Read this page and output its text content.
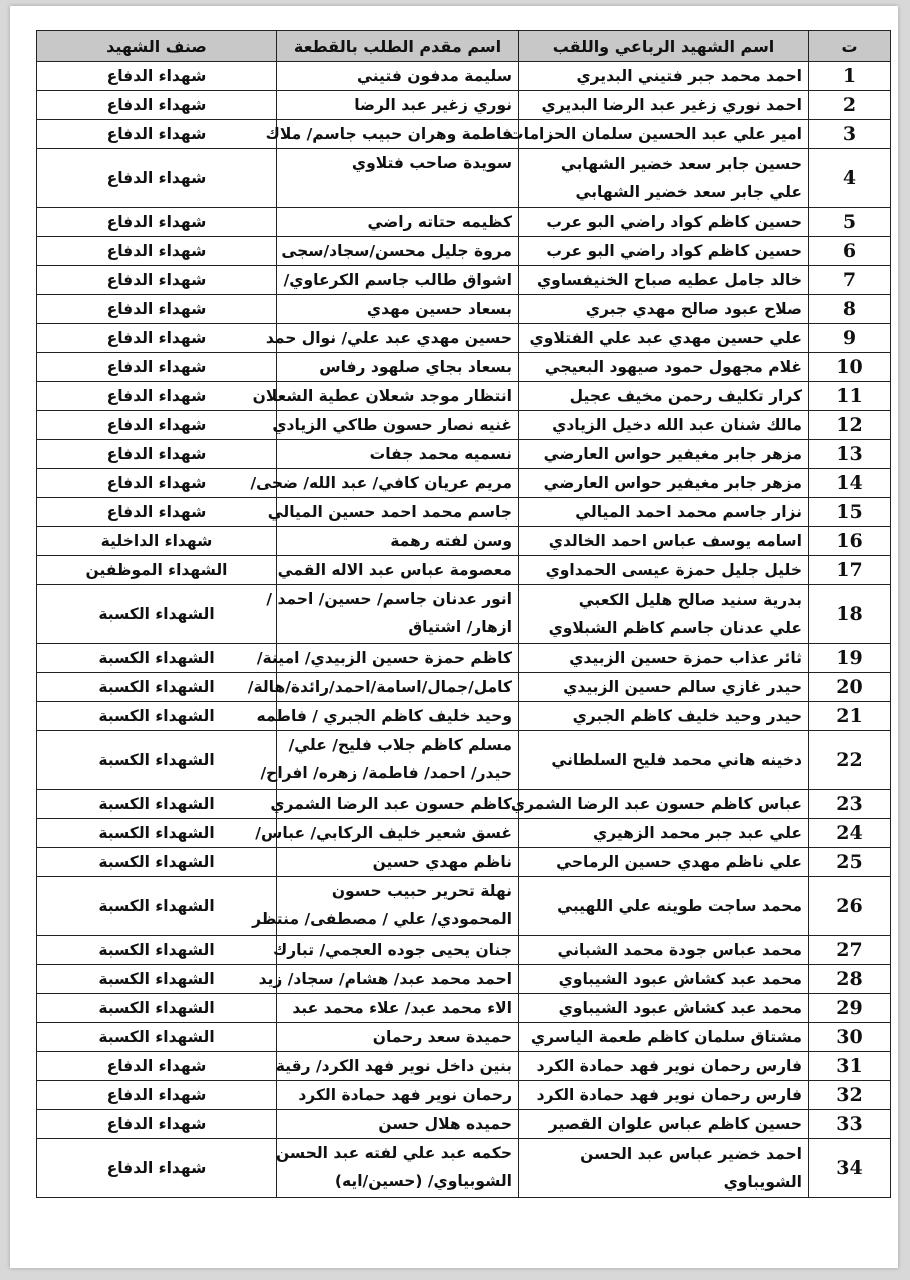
ت	اسم الشهيد الرباعي واللقب	اسم مقدم الطلب بالقطعة	صنف الشهيد
1	احمد محمد جبر فتيني البديري	سليمة مدفون فتيني	شهداء الدفاع
2	احمد نوري زغير عبد الرضا البديري	نوري زغير عبد الرضا	شهداء الدفاع
3	امير علي عبد الحسين سلمان الحزامات	فاطمة وهران حبيب جاسم/ ملاك	شهداء الدفاع
4	حسين جابر سعد خضير الشهابي
علي جابر سعد خضير الشهابي	سويدة صاحب فتلاوي	شهداء الدفاع
5	حسين كاظم كواد راضي البو عرب	كظيمه حتاته راضي	شهداء الدفاع
6	حسين كاظم كواد راضي البو عرب	مروة جليل محسن/سجاد/سجى	شهداء الدفاع
7	خالد جامل عطيه صباح الخنيفساوي	اشواق طالب جاسم الكرعاوي/	شهداء الدفاع
8	صلاح عبود صالح مهدي جبري	بسعاد حسين مهدي	شهداء الدفاع
9	علي حسين مهدي عبد علي الفتلاوي	حسين مهدي عبد علي/ نوال حمد	شهداء الدفاع
10	غلام مجهول حمود صيهود البعيجي	بسعاد بجاي صلهود رفاس	شهداء الدفاع
11	كرار تكليف رحمن مخيف عجيل	انتظار موجد شعلان عطية الشعلان	شهداء الدفاع
12	مالك شنان عبد الله دخيل الزيادي	غنيه نصار حسون طاكي الزيادي	شهداء الدفاع
13	مزهر جابر مغيفير حواس العارضي	نسميه محمد جفات	شهداء الدفاع
14	مزهر جابر مغيفير حواس العارضي	مريم عريان كافي/ عبد الله/ ضحى/	شهداء الدفاع
15	نزار جاسم محمد احمد الميالي	جاسم محمد احمد حسين الميالي	شهداء الدفاع
16	اسامه يوسف عباس احمد الخالدي	وسن لفته رهمة	شهداء الداخلية
17	خليل جليل حمزة عيسى الحمداوي	معصومة عباس عبد الاله القمي	الشهداء الموظفين
18	بدرية سنيد صالح هليل الكعبي
علي عدنان جاسم كاظم الشبلاوي	انور عدنان جاسم/ حسين/ احمد /
ازهار/ اشتياق	الشهداء الكسبة
19	ثائر عذاب حمزة حسين الزبيدي	كاظم حمزة حسين الزبيدي/ امينة/	الشهداء الكسبة
20	حيدر غازي سالم حسين الزبيدي	كامل/جمال/اسامة/احمد/رائدة/هالة/	الشهداء الكسبة
21	حيدر وحيد خليف كاظم الجبري	وحيد خليف كاظم الجبري / فاطمه	الشهداء الكسبة
22	دخينه هاني محمد فليح السلطاني	مسلم كاظم جلاب فليح/ علي/
حيدر/ احمد/ فاطمة/ زهره/ افراح/	الشهداء الكسبة
23	عباس كاظم حسون عبد الرضا الشمري	كاظم حسون عبد الرضا الشمري	الشهداء الكسبة
24	علي عبد جبر محمد الزهيري	غسق شعير خليف الركابي/ عباس/	الشهداء الكسبة
25	علي ناظم مهدي حسين الرماحي	ناظم مهدي حسين	الشهداء الكسبة
26	محمد ساجت طوينه علي اللهيبي	نهلة تحرير حبيب حسون
المحمودي/ علي / مصطفى/ منتظر	الشهداء الكسبة
27	محمد عباس جودة محمد الشباني	جنان يحيى جوده العجمي/ تبارك	الشهداء الكسبة
28	محمد عبد كشاش عبود الشيباوي	احمد محمد عبد/ هشام/ سجاد/ زيد	الشهداء الكسبة
29	محمد عبد كشاش عبود الشيباوي	الاء محمد عبد/ علاء محمد عبد	الشهداء الكسبة
30	مشتاق سلمان كاظم طعمة الياسري	حميدة سعد رحمان	الشهداء الكسبة
31	فارس رحمان نوير فهد حمادة الكرد	بنين داخل نوير فهد الكرد/ رقية	شهداء الدفاع
32	فارس رحمان نوير فهد حمادة الكرد	رحمان نوير فهد حمادة الكرد	شهداء الدفاع
33	حسين كاظم عباس علوان القصير	حميده هلال حسن	شهداء الدفاع
34	احمد خضير عباس عبد الحسن
الشويباوي	حكمه عبد علي لفته عبد الحسن
الشوبياوي/ (حسين/ايه)	شهداء الدفاع
